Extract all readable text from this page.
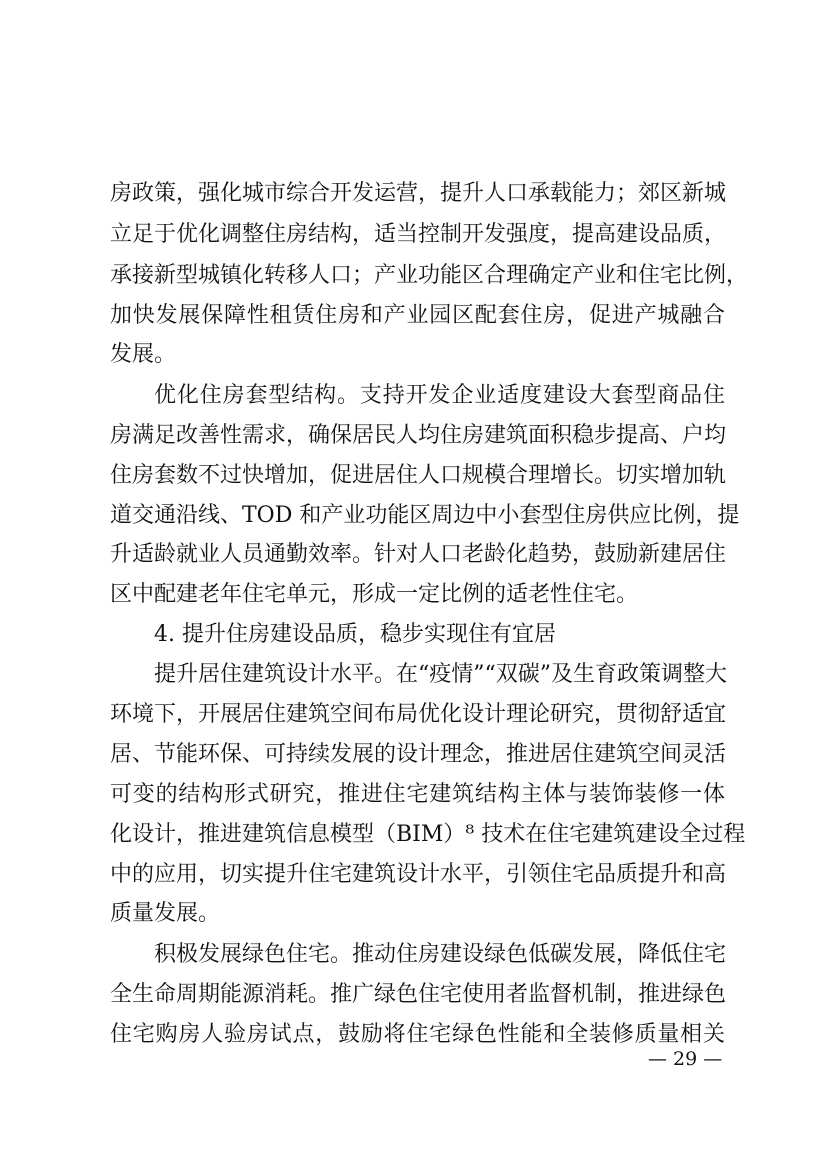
房政策，强化城市综合开发运营，提升人口承载能力；郊区新城

立足于优化调整住房结构，适当控制开发强度，提高建设品质，

承接新型城镇化转移人口；产业功能区合理确定产业和住宅比例，

加快发展保障性租赁住房和产业园区配套住房，促进产城融合

发展。

优化住房套型结构。支持开发企业适度建设大套型商品住

房满足改善性需求，确保居民人均住房建筑面积稳步提高、户均

住房套数不过快增加，促进居住人口规模合理增长。切实增加轨

道交通沿线、TOD 和产业功能区周边中小套型住房供应比例，提

升适龄就业人员通勤效率。针对人口老龄化趋势，鼓励新建居住

区中配建老年住宅单元，形成一定比例的适老性住宅。

4. 提升住房建设品质，稳步实现住有宜居

提升居住建筑设计水平。在“疫情”“双碳”及生育政策调整大

环境下，开展居住建筑空间布局优化设计理论研究，贯彻舒适宜

居、节能环保、可持续发展的设计理念，推进居住建筑空间灵活

可变的结构形式研究，推进住宅建筑结构主体与装饰装修一体

化设计，推进建筑信息模型（BIM）⁸ 技术在住宅建筑建设全过程

中的应用，切实提升住宅建筑设计水平，引领住宅品质提升和高

质量发展。

积极发展绿色住宅。推动住房建设绿色低碳发展，降低住宅

全生命周期能源消耗。推广绿色住宅使用者监督机制，推进绿色

住宅购房人验房试点，鼓励将住宅绿色性能和全装修质量相关

— 29 —
